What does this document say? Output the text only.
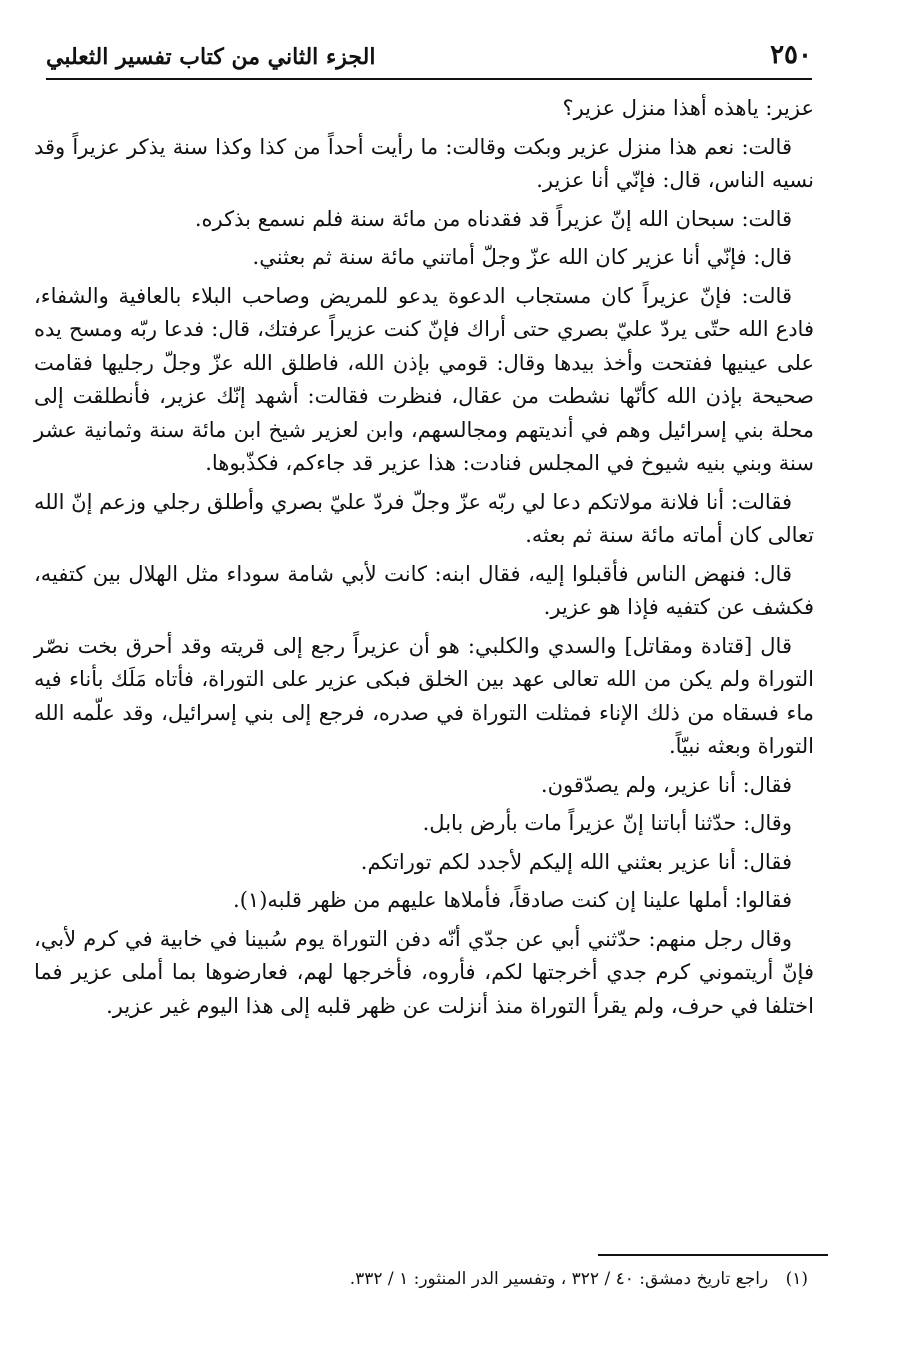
٢٥٠
الجزء الثاني من كتاب تفسير الثعلبي

عزير: ياهذه أهذا منزل عزير؟

قالت: نعم هذا منزل عزير وبكت وقالت: ما رأيت أحداً من كذا وكذا سنة يذكر عزيراً وقد نسيه الناس، قال: فإنّي أنا عزير.

قالت: سبحان الله إنّ عزيراً قد فقدناه من مائة سنة فلم نسمع بذكره.

قال: فإنّي أنا عزير كان الله عزّ وجلّ أماتني مائة سنة ثم بعثني.

قالت: فإنّ عزيراً كان مستجاب الدعوة يدعو للمريض وصاحب البلاء بالعافية والشفاء، فادع الله حتّى يردّ عليّ بصري حتى أراك فإنّ كنت عزيراً عرفتك، قال: فدعا ربّه ومسح يده على عينيها ففتحت وأخذ بيدها وقال: قومي بإذن الله، فاطلق الله عزّ وجلّ رجليها فقامت صحيحة بإذن الله كأنّها نشطت من عقال، فنظرت فقالت: أشهد إنّك عزير، فأنطلقت إلى محلة بني إسرائيل وهم في أنديتهم ومجالسهم، وابن لعزير شيخ ابن مائة سنة وثمانية عشر سنة وبني بنيه شيوخ في المجلس فنادت: هذا عزير قد جاءكم، فكذّبوها.

فقالت: أنا فلانة مولاتكم دعا لي ربّه عزّ وجلّ فردّ عليّ بصري وأطلق رجلي وزعم إنّ الله تعالى كان أماته مائة سنة ثم بعثه.

قال: فنهض الناس فأقبلوا إليه، فقال ابنه: كانت لأبي شامة سوداء مثل الهلال بين كتفيه، فكشف عن كتفيه فإذا هو عزير.

قال [قتادة ومقاتل] والسدي والكلبي: هو أن عزيراً رجع إلى قريته وقد أحرق بخت نصّر التوراة ولم يكن من الله تعالى عهد بين الخلق فبكى عزير على التوراة، فأتاه مَلَك بأناء فيه ماء فسقاه من ذلك الإناء فمثلت التوراة في صدره، فرجع إلى بني إسرائيل، وقد علّمه الله التوراة وبعثه نبيّاً.

فقال: أنا عزير، ولم يصدّقون.

وقال: حدّثنا أباتنا إنّ عزيراً مات بأرض بابل.

فقال: أنا عزير بعثني الله إليكم لأجدد لكم توراتكم.

فقالوا: أملها علينا إن كنت صادقاً، فأملاها عليهم من ظهر قلبه(١).

وقال رجل منهم: حدّثني أبي عن جدّي أنّه دفن التوراة يوم سُبينا في خابية في كرم لأبي، فإنّ أريتموني كرم جدي أخرجتها لكم، فأروه، فأخرجها لهم، فعارضوها بما أملى عزير فما اختلفا في حرف، ولم يقرأ التوراة منذ أنزلت عن ظهر قلبه إلى هذا اليوم غير عزير.

(١) راجع تاريخ دمشق: ٤٠ / ٣٢٢ ، وتفسير الدر المنثور: ١ / ٣٣٢.
